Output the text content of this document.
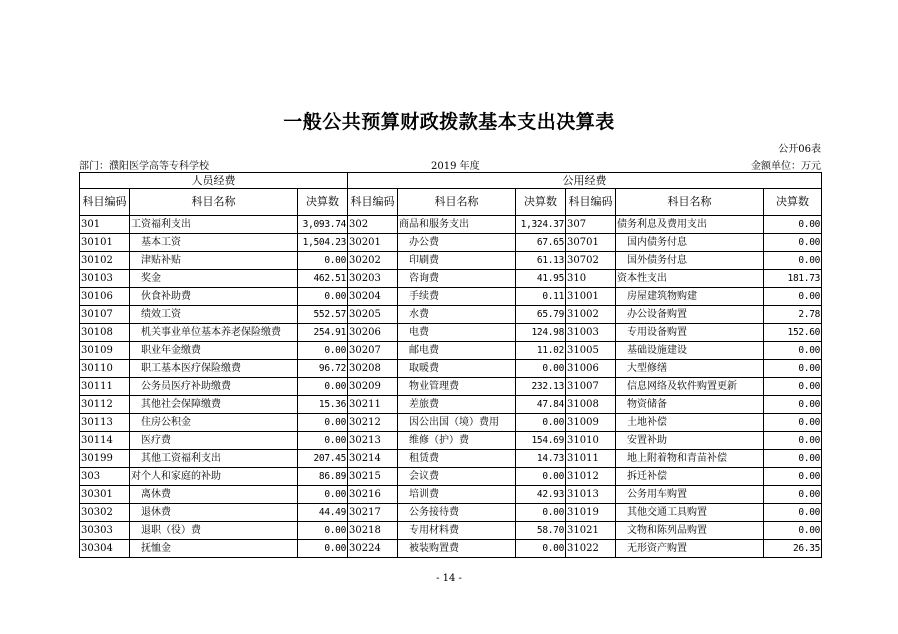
一般公共预算财政拨款基本支出决算表
公开06表
部门：濮阳医学高等专科学校	2019 年度	金额单位：万元
人员经费			公用经费					
科目编码	科目名称	决算数	科目编码	科目名称	决算数	科目编码	科目名称	决算数
301	工资福利支出	3,093.74	302	商品和服务支出	1,324.37	307	债务利息及费用支出	0.00
30101	基本工资	1,504.23	30201	办公费	67.65	30701	国内债务付息	0.00
30102	津贴补贴	0.00	30202	印刷费	61.13	30702	国外债务付息	0.00
30103	奖金	462.51	30203	咨询费	41.95	310	资本性支出	181.73
30106	伙食补助费	0.00	30204	手续费	0.11	31001	房屋建筑物购建	0.00
30107	绩效工资	552.57	30205	水费	65.79	31002	办公设备购置	2.78
30108	机关事业单位基本养老保险缴费	254.91	30206	电费	124.98	31003	专用设备购置	152.60
30109	职业年金缴费	0.00	30207	邮电费	11.02	31005	基础设施建设	0.00
30110	职工基本医疗保险缴费	96.72	30208	取暖费	0.00	31006	大型修缮	0.00
30111	公务员医疗补助缴费	0.00	30209	物业管理费	232.13	31007	信息网络及软件购置更新	0.00
30112	其他社会保障缴费	15.36	30211	差旅费	47.84	31008	物资储备	0.00
30113	住房公积金	0.00	30212	因公出国（境）费用	0.00	31009	土地补偿	0.00
30114	医疗费	0.00	30213	维修（护）费	154.69	31010	安置补助	0.00
30199	其他工资福利支出	207.45	30214	租赁费	14.73	31011	地上附着物和青苗补偿	0.00
303	对个人和家庭的补助	86.89	30215	会议费	0.00	31012	拆迁补偿	0.00
30301	离休费	0.00	30216	培训费	42.93	31013	公务用车购置	0.00
30302	退休费	44.49	30217	公务接待费	0.00	31019	其他交通工具购置	0.00
30303	退职（役）费	0.00	30218	专用材料费	58.70	31021	文物和陈列品购置	0.00
30304	抚恤金	0.00	30224	被装购置费	0.00	31022	无形资产购置	26.35
- 14 -
